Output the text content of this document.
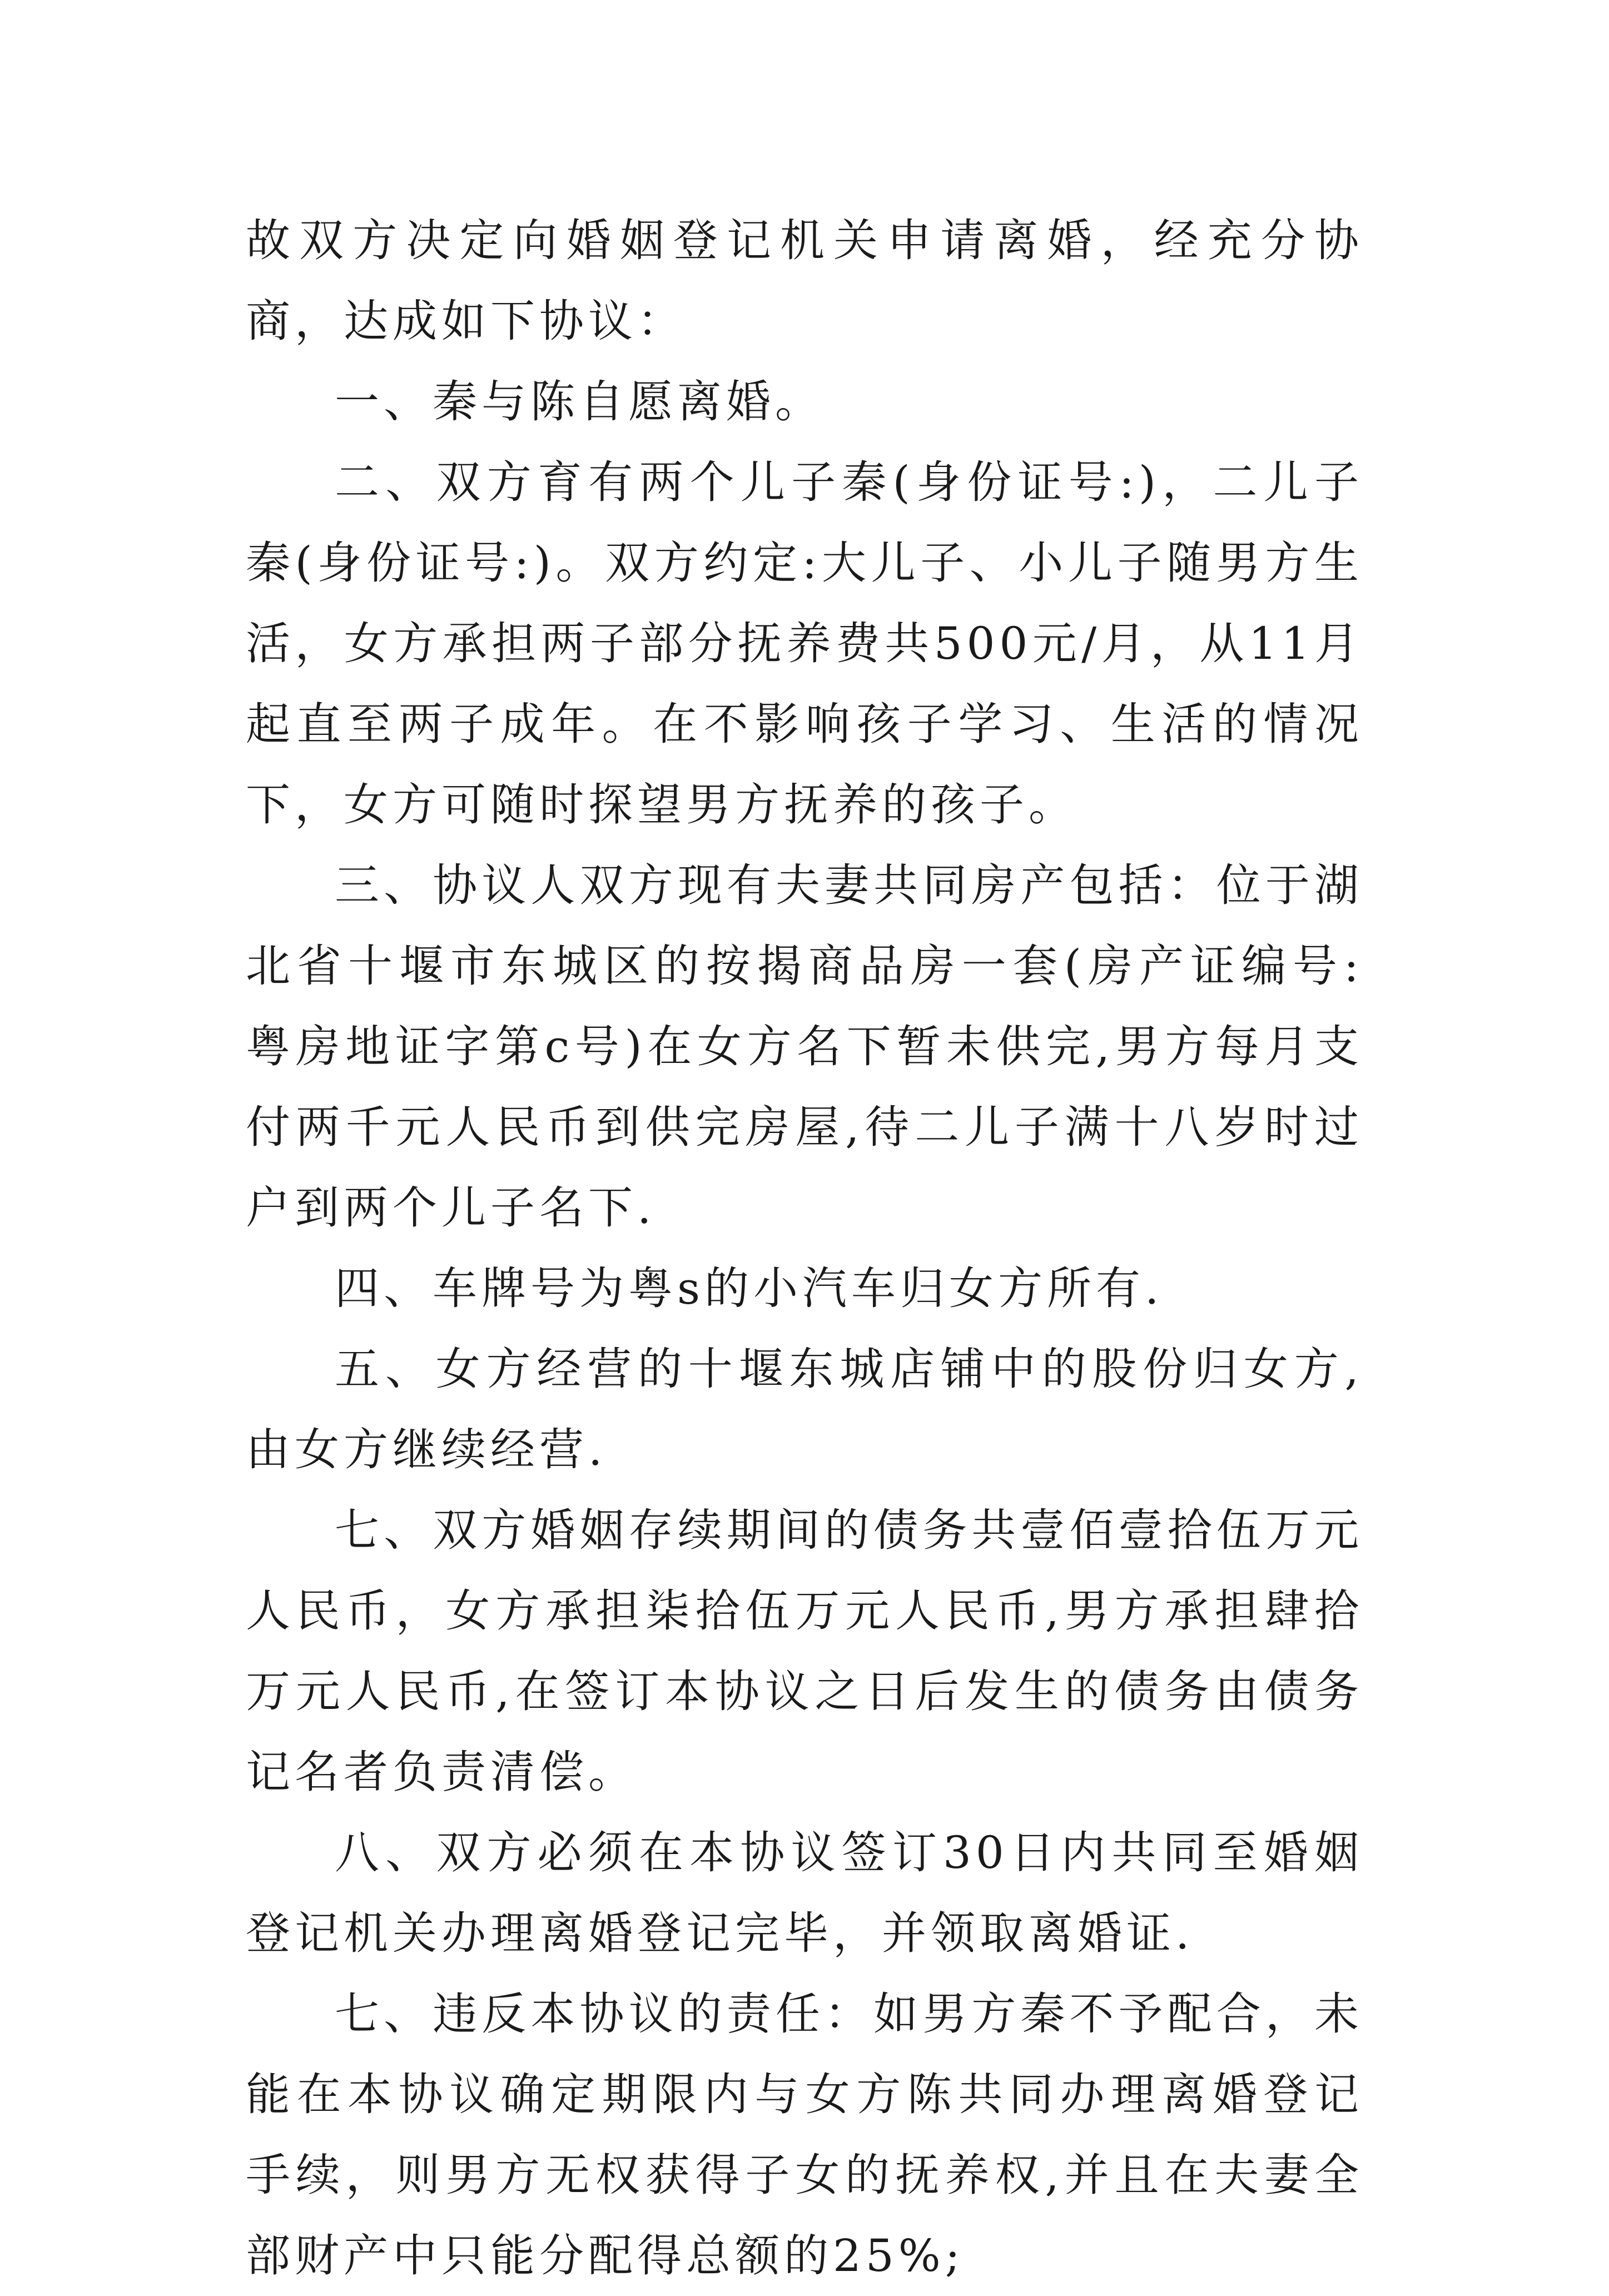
故双方决定向婚姻登记机关申请离婚，经充分协商，达成如下协议：

一、秦与陈自愿离婚。

二、双方育有两个儿子秦(身份证号:)，二儿子秦(身份证号:)。双方约定:大儿子、小儿子随男方生活，女方承担两子部分抚养费共500元/月，从11月起直至两子成年。在不影响孩子学习、生活的情况下，女方可随时探望男方抚养的孩子。

三、协议人双方现有夫妻共同房产包括：位于湖北省十堰市东城区的按揭商品房一套(房产证编号:粤房地证字第c号)在女方名下暂未供完,男方每月支付两千元人民币到供完房屋,待二儿子满十八岁时过户到两个儿子名下.

四、车牌号为粤s的小汽车归女方所有.

五、女方经营的十堰东城店铺中的股份归女方,由女方继续经营.

七、双方婚姻存续期间的债务共壹佰壹拾伍万元人民币，女方承担柒拾伍万元人民币,男方承担肆拾万元人民币,在签订本协议之日后发生的债务由债务记名者负责清偿。

八、双方必须在本协议签订30日内共同至婚姻登记机关办理离婚登记完毕，并领取离婚证.

七、违反本协议的责任：如男方秦不予配合，未能在本协议确定期限内与女方陈共同办理离婚登记手续，则男方无权获得子女的抚养权,并且在夫妻全部财产中只能分配得总额的25%;
